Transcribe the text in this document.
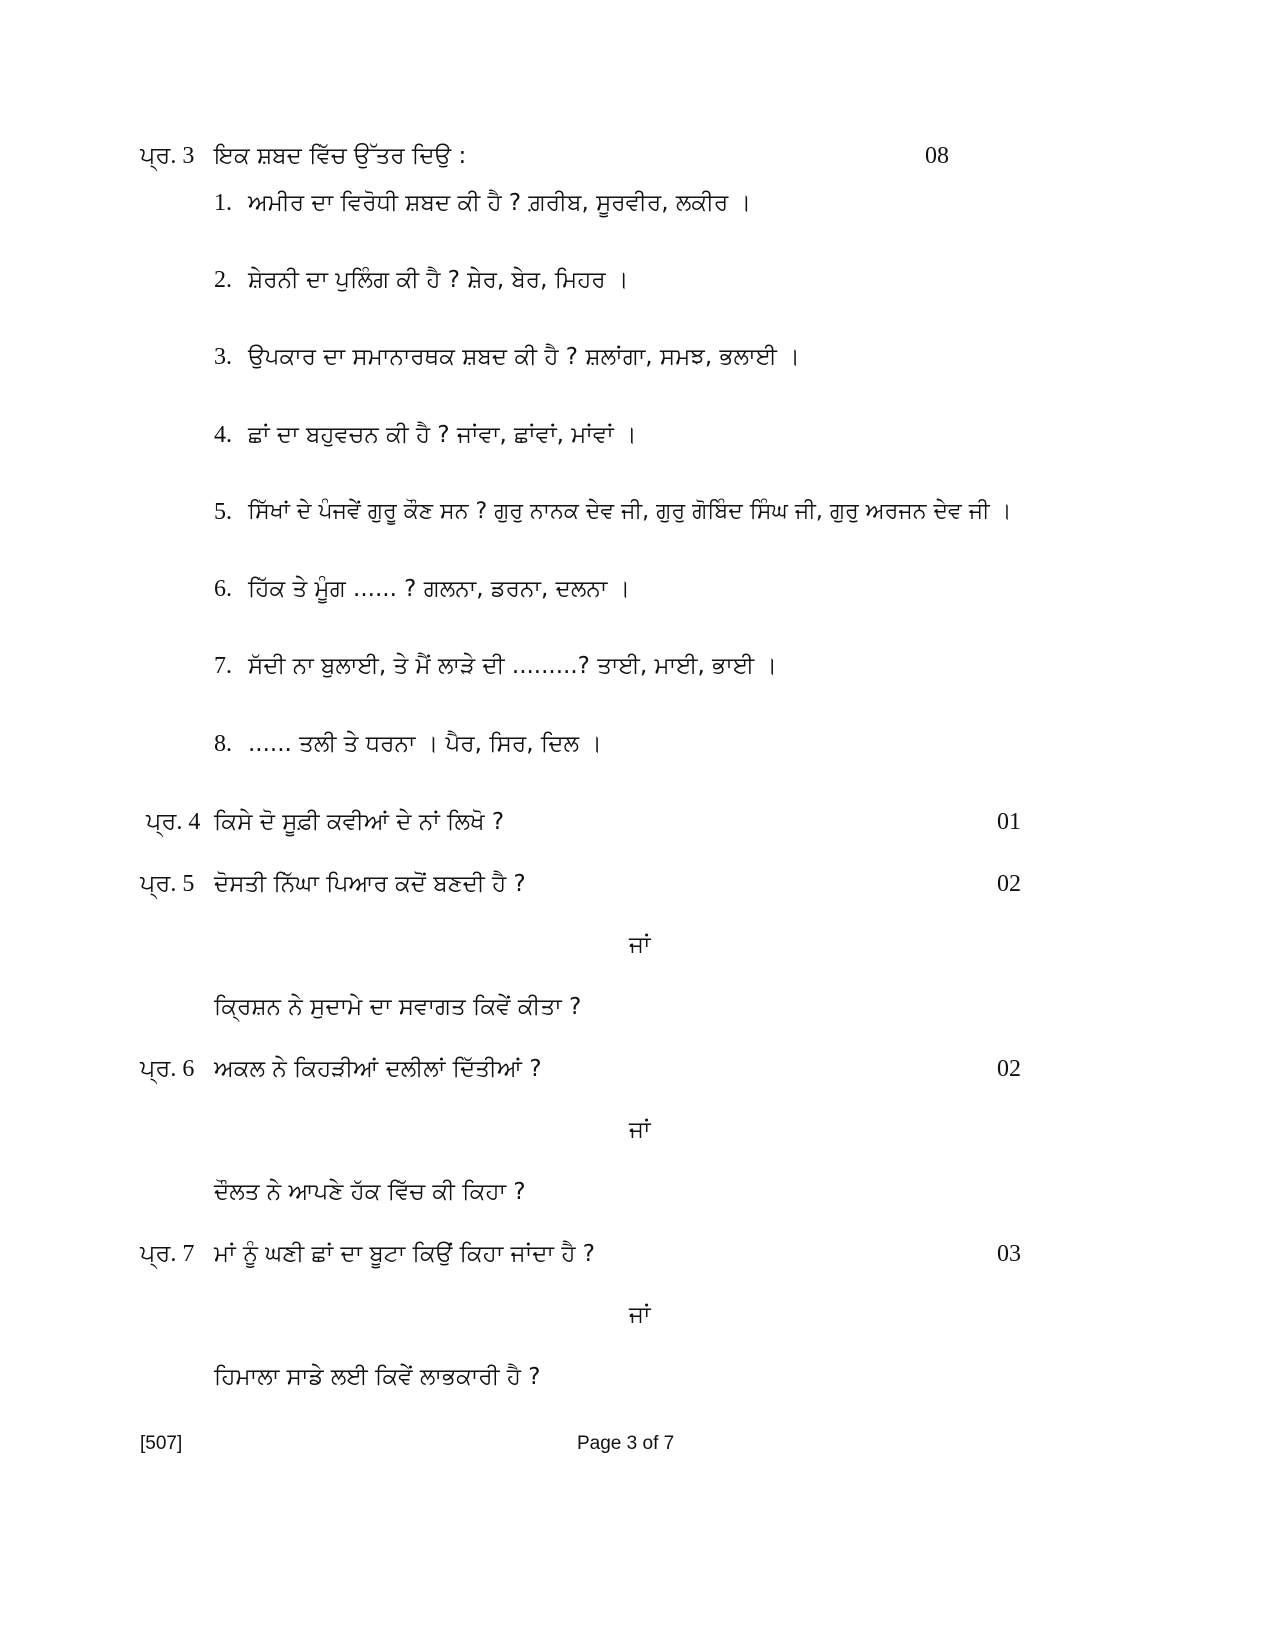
ਪ੍ਰ. 3 ਇਕ ਸ਼ਬਦ ਵਿੱਚ ਉੱਤਰ ਦਿਉ :	08
1. ਅਮੀਰ ਦਾ ਵਿਰੋਧੀ ਸ਼ਬਦ ਕੀ ਹੈ ? ਗ਼ਰੀਬ, ਸੂਰਵੀਰ, ਲਕੀਰ ।
2. ਸ਼ੇਰਨੀ ਦਾ ਪੁਲਿੰਗ ਕੀ ਹੈ ? ਸ਼ੇਰ, ਬੇਰ, ਮਿਹਰ ।
3. ਉਪਕਾਰ ਦਾ ਸਮਾਨਾਰਥਕ ਸ਼ਬਦ ਕੀ ਹੈ ? ਸ਼ਲਾਂਗਾ, ਸਮਝ, ਭਲਾਈ ।
4. ਛਾਂ ਦਾ ਬਹੁਵਚਨ ਕੀ ਹੈ ? ਜਾਂਵਾ, ਛਾਂਵਾਂ, ਮਾਂਵਾਂ ।
5. ਸਿੱਖਾਂ ਦੇ ਪੰਜਵੇਂ ਗੁਰੂ ਕੌਣ ਸਨ ? ਗੁਰੁ ਨਾਨਕ ਦੇਵ ਜੀ, ਗੁਰੁ ਗੋਬਿੰਦ ਸਿੰਘ ਜੀ, ਗੁਰੁ ਅਰਜਨ ਦੇਵ ਜੀ ।
6. ਹਿੱਕ ਤੇ ਮੂੰਗ ...... ? ਗਲਨਾ, ਡਰਨਾ, ਦਲਨਾ ।
7. ਸੱਦੀ ਨਾ ਬੁਲਾਈ, ਤੇ ਮੈਂ ਲਾੜੇ ਦੀ .........? ਤਾਈ, ਮਾਈ, ਭਾਈ ।
8. ...... ਤਲੀ ਤੇ ਧਰਨਾ । ਪੈਰ, ਸਿਰ, ਦਿਲ ।
ਪ੍ਰ. 4 ਕਿਸੇ ਦੋ ਸੂਫ਼ੀ ਕਵੀਆਂ ਦੇ ਨਾਂ ਲਿਖੋ ?	01
ਪ੍ਰ. 5 ਦੋਸਤੀ ਨਿੱਘਾ ਪਿਆਰ ਕਦੋਂ ਬਣਦੀ ਹੈ ?	02
ਜਾਂ
ਕ੍ਰਿਸ਼ਨ ਨੇ ਸੁਦਾਮੇ ਦਾ ਸਵਾਗਤ ਕਿਵੇਂ ਕੀਤਾ ?
ਪ੍ਰ. 6 ਅਕਲ ਨੇ ਕਿਹੜੀਆਂ ਦਲੀਲਾਂ ਦਿੱਤੀਆਂ ?	02
ਜਾਂ
ਦੌਲਤ ਨੇ ਆਪਣੇ ਹੱਕ ਵਿੱਚ ਕੀ ਕਿਹਾ ?
ਪ੍ਰ. 7 ਮਾਂ ਨੂੰ ਘਣੀ ਛਾਂ ਦਾ ਬੂਟਾ ਕਿਉਂ ਕਿਹਾ ਜਾਂਦਾ ਹੈ ?	03
ਜਾਂ
ਹਿਮਾਲਾ ਸਾਡੇ ਲਈ ਕਿਵੇਂ ਲਾਭਕਾਰੀ ਹੈ ?
[507]	Page 3 of 7
